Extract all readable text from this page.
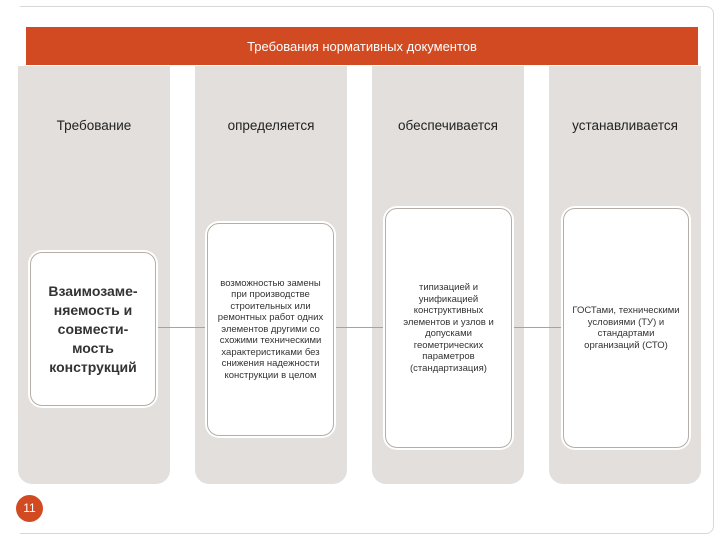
Требования нормативных документов
Требование	определяется	обеспечивается	устанавливается
Взаимозаме-няемость и совмести-мость конструкций
возможностью замены при производстве строительных или ремонтных работ одних элементов другими со схожими техническими характеристиками без снижения надежности конструкции в целом
типизацией и унификацией конструктивных элементов и узлов и допусками геометрических параметров (стандартизация)
ГОСТами, техническими условиями (ТУ) и стандартами организаций (СТО)
11
